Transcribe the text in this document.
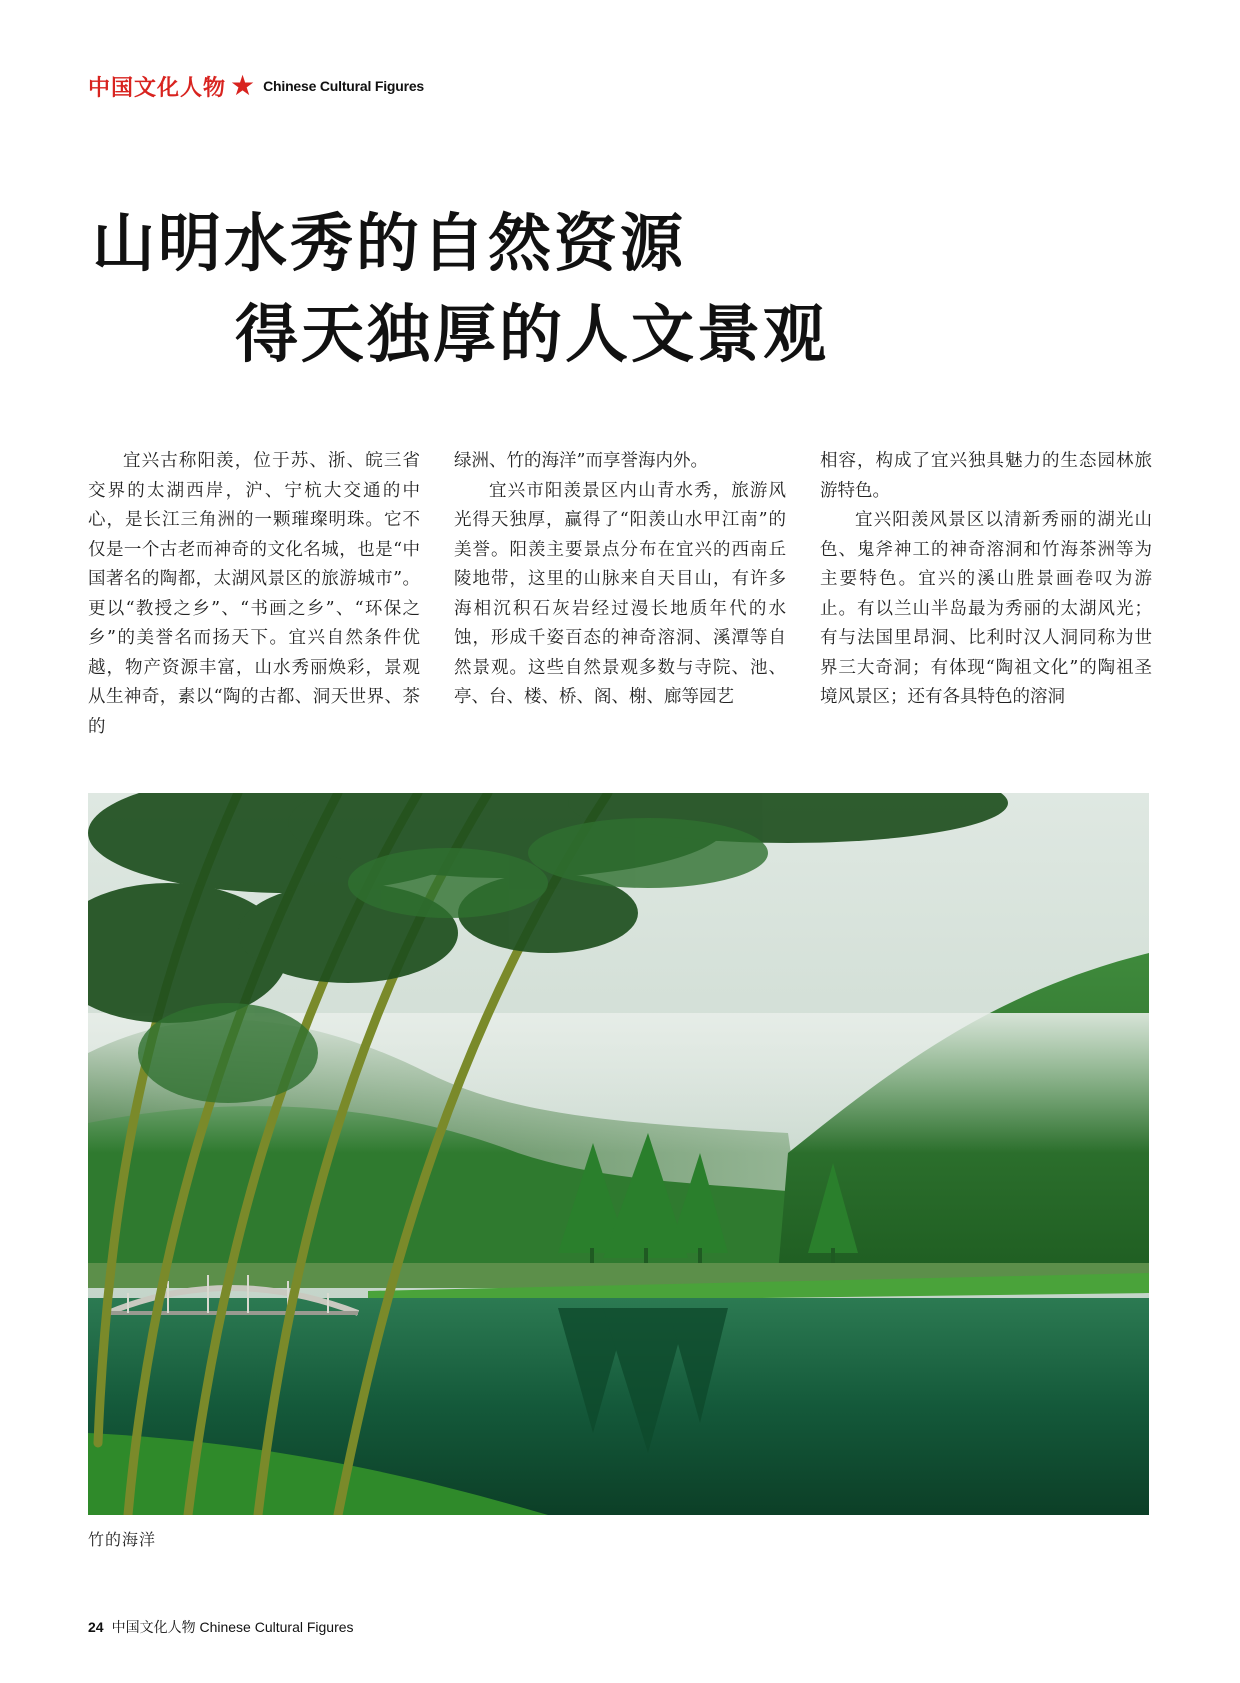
中国文化人物 ★ Chinese Cultural Figures
山明水秀的自然资源
得天独厚的人文景观

宜兴古称阳羡，位于苏、浙、皖三省交界的太湖西岸，沪、宁杭大交通的中心，是长江三角洲的一颗璀璨明珠。它不仅是一个古老而神奇的文化名城，也是“中国著名的陶都，太湖风景区的旅游城市”。更以“教授之乡”、“书画之乡”、“环保之乡”的美誉名而扬天下。宜兴自然条件优越，物产资源丰富，山水秀丽焕彩，景观从生神奇，素以“陶的古都、洞天世界、茶的

绿洲、竹的海洋”而享誉海内外。

宜兴市阳羡景区内山青水秀，旅游风光得天独厚，赢得了“阳羡山水甲江南”的美誉。阳羡主要景点分布在宜兴的西南丘陵地带，这里的山脉来自天目山，有许多海相沉积石灰岩经过漫长地质年代的水蚀，形成千姿百态的神奇溶洞、溪潭等自然景观。这些自然景观多数与寺院、池、亭、台、楼、桥、阁、榭、廊等园艺

相容，构成了宜兴独具魅力的生态园林旅游特色。

宜兴阳羡风景区以清新秀丽的湖光山色、鬼斧神工的神奇溶洞和竹海茶洲等为主要特色。宜兴的溪山胜景画卷叹为游止。有以兰山半岛最为秀丽的太湖风光；有与法国里昂洞、比利时汉人洞同称为世界三大奇洞；有体现“陶祖文化”的陶祖圣境风景区；还有各具特色的溶洞

竹的海洋
24 中国文化人物 Chinese Cultural Figures
